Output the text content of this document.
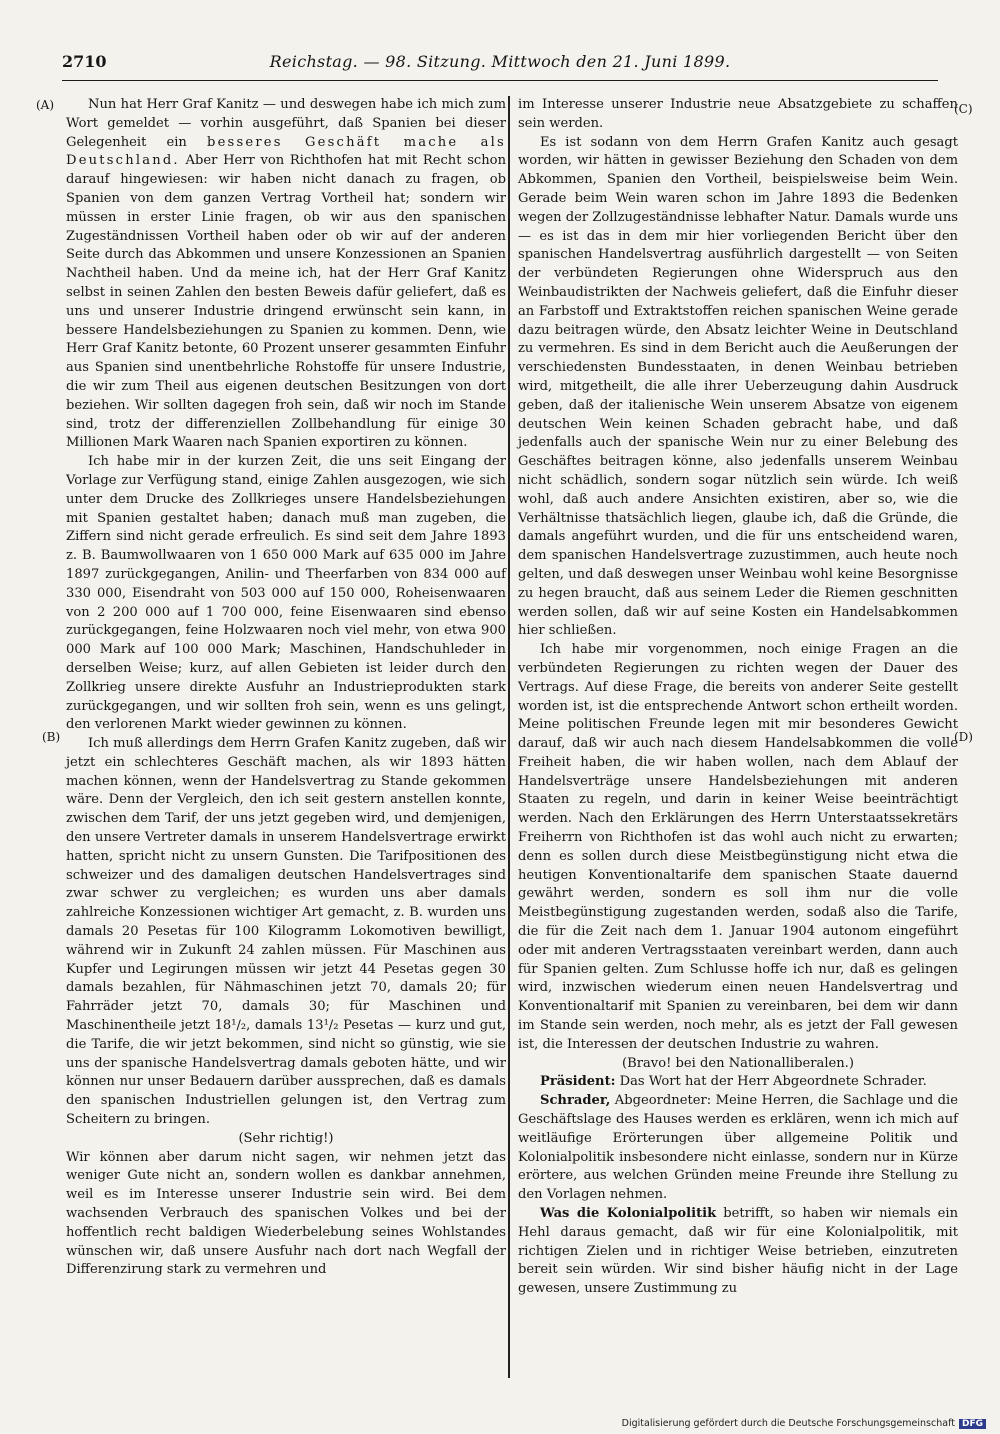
2710	Reichstag. — 98. Sitzung. Mittwoch den 21. Juni 1899.
(A)
(B)
(C)
(D)

Nun hat Herr Graf Kanitz — und deswegen habe ich mich zum Wort gemeldet — vorhin ausgeführt, daß Spanien bei dieser Gelegenheit ein besseres Geschäft mache als Deutschland. Aber Herr von Richthofen hat mit Recht schon darauf hingewiesen: wir haben nicht danach zu fragen, ob Spanien von dem ganzen Vertrag Vortheil hat; sondern wir müssen in erster Linie fragen, ob wir aus den spanischen Zugeständnissen Vortheil haben oder ob wir auf der anderen Seite durch das Abkommen und unsere Konzessionen an Spanien Nachtheil haben. Und da meine ich, hat der Herr Graf Kanitz selbst in seinen Zahlen den besten Beweis dafür geliefert, daß es uns und unserer Industrie dringend erwünscht sein kann, in bessere Handelsbeziehungen zu Spanien zu kommen. Denn, wie Herr Graf Kanitz betonte, 60 Prozent unserer gesammten Einfuhr aus Spanien sind unentbehrliche Rohstoffe für unsere Industrie, die wir zum Theil aus eigenen deutschen Besitzungen von dort beziehen. Wir sollten dagegen froh sein, daß wir noch im Stande sind, trotz der differenziellen Zollbehandlung für einige 30 Millionen Mark Waaren nach Spanien exportiren zu können.

Ich habe mir in der kurzen Zeit, die uns seit Eingang der Vorlage zur Verfügung stand, einige Zahlen ausgezogen, wie sich unter dem Drucke des Zollkrieges unsere Handelsbeziehungen mit Spanien gestaltet haben; danach muß man zugeben, die Ziffern sind nicht gerade erfreulich. Es sind seit dem Jahre 1893 z. B. Baumwollwaaren von 1 650 000 Mark auf 635 000 im Jahre 1897 zurückgegangen, Anilin- und Theerfarben von 834 000 auf 330 000, Eisendraht von 503 000 auf 150 000, Roheisenwaaren von 2 200 000 auf 1 700 000, feine Eisenwaaren sind ebenso zurückgegangen, feine Holzwaaren noch viel mehr, von etwa 900 000 Mark auf 100 000 Mark; Maschinen, Handschuhleder in derselben Weise; kurz, auf allen Gebieten ist leider durch den Zollkrieg unsere direkte Ausfuhr an Industrieprodukten stark zurückgegangen, und wir sollten froh sein, wenn es uns gelingt, den verlorenen Markt wieder gewinnen zu können.

Ich muß allerdings dem Herrn Grafen Kanitz zugeben, daß wir jetzt ein schlechteres Geschäft machen, als wir 1893 hätten machen können, wenn der Handelsvertrag zu Stande gekommen wäre. Denn der Vergleich, den ich seit gestern anstellen konnte, zwischen dem Tarif, der uns jetzt gegeben wird, und demjenigen, den unsere Vertreter damals in unserem Handelsvertrage erwirkt hatten, spricht nicht zu unsern Gunsten. Die Tarifpositionen des schweizer und des damaligen deutschen Handelsvertrages sind zwar schwer zu vergleichen; es wurden uns aber damals zahlreiche Konzessionen wichtiger Art gemacht, z. B. wurden uns damals 20 Pesetas für 100 Kilogramm Lokomotiven bewilligt, während wir in Zukunft 24 zahlen müssen. Für Maschinen aus Kupfer und Legirungen müssen wir jetzt 44 Pesetas gegen 30 damals bezahlen, für Nähmaschinen jetzt 70, damals 20; für Fahrräder jetzt 70, damals 30; für Maschinen und Maschinentheile jetzt 18¹/₂, damals 13¹/₂ Pesetas — kurz und gut, die Tarife, die wir jetzt bekommen, sind nicht so günstig, wie sie uns der spanische Handelsvertrag damals geboten hätte, und wir können nur unser Bedauern darüber aussprechen, daß es damals den spanischen Industriellen gelungen ist, den Vertrag zum Scheitern zu bringen.

(Sehr richtig!)

Wir können aber darum nicht sagen, wir nehmen jetzt das weniger Gute nicht an, sondern wollen es dankbar annehmen, weil es im Interesse unserer Industrie sein wird. Bei dem wachsenden Verbrauch des spanischen Volkes und bei der hoffentlich recht baldigen Wiederbelebung seines Wohlstandes wünschen wir, daß unsere Ausfuhr nach dort nach Wegfall der Differenzirung stark zu vermehren und

im Interesse unserer Industrie neue Absatzgebiete zu schaffen sein werden.

Es ist sodann von dem Herrn Grafen Kanitz auch gesagt worden, wir hätten in gewisser Beziehung den Schaden von dem Abkommen, Spanien den Vortheil, beispielsweise beim Wein. Gerade beim Wein waren schon im Jahre 1893 die Bedenken wegen der Zollzugeständnisse lebhafter Natur. Damals wurde uns — es ist das in dem mir hier vorliegenden Bericht über den spanischen Handelsvertrag ausführlich dargestellt — von Seiten der verbündeten Regierungen ohne Widerspruch aus den Weinbaudistrikten der Nachweis geliefert, daß die Einfuhr dieser an Farbstoff und Extraktstoffen reichen spanischen Weine gerade dazu beitragen würde, den Absatz leichter Weine in Deutschland zu vermehren. Es sind in dem Bericht auch die Aeußerungen der verschiedensten Bundesstaaten, in denen Weinbau betrieben wird, mitgetheilt, die alle ihrer Ueberzeugung dahin Ausdruck geben, daß der italienische Wein unserem Absatze von eigenem deutschen Wein keinen Schaden gebracht habe, und daß jedenfalls auch der spanische Wein nur zu einer Belebung des Geschäftes beitragen könne, also jedenfalls unserem Weinbau nicht schädlich, sondern sogar nützlich sein würde. Ich weiß wohl, daß auch andere Ansichten existiren, aber so, wie die Verhältnisse thatsächlich liegen, glaube ich, daß die Gründe, die damals angeführt wurden, und die für uns entscheidend waren, dem spanischen Handelsvertrage zuzustimmen, auch heute noch gelten, und daß deswegen unser Weinbau wohl keine Besorgnisse zu hegen braucht, daß aus seinem Leder die Riemen geschnitten werden sollen, daß wir auf seine Kosten ein Handelsabkommen hier schließen.

Ich habe mir vorgenommen, noch einige Fragen an die verbündeten Regierungen zu richten wegen der Dauer des Vertrags. Auf diese Frage, die bereits von anderer Seite gestellt worden ist, ist die entsprechende Antwort schon ertheilt worden. Meine politischen Freunde legen mit mir besonderes Gewicht darauf, daß wir auch nach diesem Handelsabkommen die volle Freiheit haben, die wir haben wollen, nach dem Ablauf der Handelsverträge unsere Handelsbeziehungen mit anderen Staaten zu regeln, und darin in keiner Weise beeinträchtigt werden. Nach den Erklärungen des Herrn Unterstaatssekretärs Freiherrn von Richthofen ist das wohl auch nicht zu erwarten; denn es sollen durch diese Meistbegünstigung nicht etwa die heutigen Konventionaltarife dem spanischen Staate dauernd gewährt werden, sondern es soll ihm nur die volle Meistbegünstigung zugestanden werden, sodaß also die Tarife, die für die Zeit nach dem 1. Januar 1904 autonom eingeführt oder mit anderen Vertragsstaaten vereinbart werden, dann auch für Spanien gelten. Zum Schlusse hoffe ich nur, daß es gelingen wird, inzwischen wiederum einen neuen Handelsvertrag und Konventionaltarif mit Spanien zu vereinbaren, bei dem wir dann im Stande sein werden, noch mehr, als es jetzt der Fall gewesen ist, die Interessen der deutschen Industrie zu wahren.

(Bravo! bei den Nationalliberalen.)

Präsident: Das Wort hat der Herr Abgeordnete Schrader.

Schrader, Abgeordneter: Meine Herren, die Sachlage und die Geschäftslage des Hauses werden es erklären, wenn ich mich auf weitläufige Erörterungen über allgemeine Politik und Kolonialpolitik insbesondere nicht einlasse, sondern nur in Kürze erörtere, aus welchen Gründen meine Freunde ihre Stellung zu den Vorlagen nehmen.

Was die Kolonialpolitik betrifft, so haben wir niemals ein Hehl daraus gemacht, daß wir für eine Kolonialpolitik, mit richtigen Zielen und in richtiger Weise betrieben, einzutreten bereit sein würden. Wir sind bisher häufig nicht in der Lage gewesen, unsere Zustimmung zu

Digitalisierung gefördert durch die Deutsche Forschungsgemeinschaft DFG
